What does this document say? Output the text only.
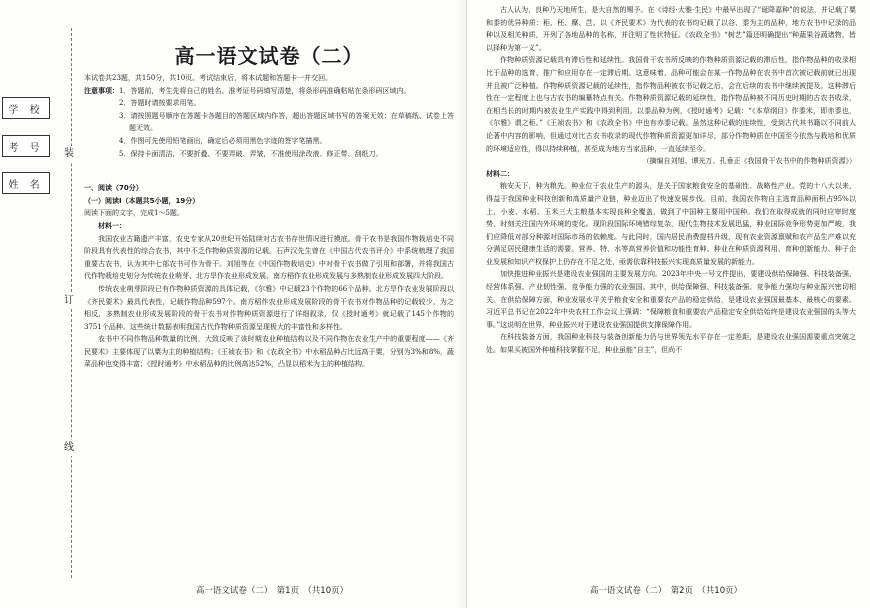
装
订
线
学 校
考 号
姓 名
高一语文试卷（二）

本试卷共23题，共150分，共10页。考试结束后，将本试题和答题卡一并交回。

注意事项： 1．答题前，考生先将自己的姓名、准考证号码填写清楚，将条形码准确粘贴在条形码区域内。

2．答题时请按要求用笔。

3．请按照题号顺序在答题卡各题目的答题区域内作答，超出答题区域书写的答案无效；在草稿纸、试卷上答题无效。

4．作图可先使用铅笔画出，确定后必须用黑色字迹的签字笔描黑。

5．保持卡面清洁，不要折叠、不要弄破、弄皱，不准使用涂改液、修正带、刮纸刀。

一、阅读（70分）

（一）阅读Ⅰ（本题共5小题，19分）

阅读下面的文字，完成1～5题。

材料一：

我国农业古籍遗产丰富，农史专家从20世纪开始陆续对古农书存世情况进行摸底。骨干农书是我国作物栽培史不同阶段具有代表性的综合农书，其中不乏作物种质资源的记载。石声汉先生曾在《中国古代农书评介》中系统梳理了我国重要古农书，认为其中七部农书可作为骨干。刘旭等在《中国作物栽培史》中对骨干农书做了引用和部署，并将我国古代作物栽培史划分为传统农业萌芽、北方旱作农业形成发展、南方稻作农业形成发展与多熟制农业形成发展四大阶段。

传统农业萌芽阶段已有作物种质资源的具体记载，《尔雅》中记载23个作物的66个品种。北方旱作农业发展阶段以《齐民要术》最具代表性，记载作物品种597个。南方稻作农业形成发展阶段的骨干农书对作物品种的记载较少，为之相反，多熟制农业形成发展阶段的骨干农书对作物种质资源进行了详细叙录，仅《授时通考》就记载了145个作物的3751个品种。这些统计数据表明我国古代作物种质资源呈现极大的丰富性和多样性。

农书中不同作物品种数量的比例，大致反映了该时期农业种植结构以及不同作物在农业生产中的重要程度——《齐民要术》主要体现了以粟为主的种植结构；《王祯农书》和《农政全书》中水稻品种占比远高于粟，分别为3%和8%，蔬菜品种也变得丰富；《授时通考》中水稻品种的比例高达52%，凸显以稻米为主的种植结构。

高一语文试卷（二）　第1页　（共10页）

古人认为，良种乃天地所生，是大自然的赐予。在《诗经·大雅·生民》中最早出现了“诞降嘉种”的说法，并记载了粟和黍的优异种质：秬、秠、穈、芑。以《齐民要术》为代表的农书均记载了以谷、黍为主的品种，地方农书中记录的品种以及相关种质，开列了各地品种的名称，并注明了性状特征。《农政全书》“树艺”篇还明确提出“种蔬果谷蔬诸物，皆以择种为第一义”。

作物种质资源记载具有滞后性和延续性。我国骨干农书所反映的作物种质资源记载的滞后性，指作物品种的收录相比于品种的选育、推广和应用存在一定滞后期。这意味着，品种可能会在某一作物品种在农书中首次被记载前就已出现并且被广泛种植。作物种质资源记载的延续性，指作物品种被农书记载之后，会在后续的农书中继续被提及。这种滞后性在一定程度上也与古农书的编纂特点有关。作物种质资源记载的延续性，指作物品种被不同历史时期的古农书收录，在相当长的时期内被农业生产实践中得到利用。以黍品种为例，《授时通考》记载：“《本草纲目》作黍米，即赤黍也，《尔雅》谓之秬。”《王祯农书》和《农政全书》中也有赤黍记载。虽然这种记载的连续性，受到古代其书籍以不同前人论著中内容的影响，但通过对比古农书收录的现代作物种质资源更加详尽，部分作物种质在中国至今依然与栽培和优质的环境适应性，得以持续种植，甚至成为地方当家品种，一直延续至今。

（摘编自刘旭、谭光万、孔垂正《我国骨干农书中的作物种质资源》）

材料二：

粮安天下，种为粮先。种业位于农业生产的源头，是关于国家粮食安全的基础性、战略性产业。党的十八大以来，得益于我国种业科技创新和高质量产业链，种业迈出了快速发展步伐。目前，我国农作物自主选育品种面积占95%以上，小麦、水稻、玉米三大主粮基本实现良种全覆盖，做到了中国种主要用中国种。我们在取得成就的同时应审时度势，时刻关注国内外环境的变化。现阶段国际环境错综复杂，现代生物技术发展迅猛，种业国际竞争形势更加严峻，我们应降低对部分种源对国际市场的依赖度。与此同时，国内居民消费提档升级，现有农业资源禀赋和农产品生产难以充分满足居民健康生活的需要。营养、特、水等高营养价值和功能性育种、种业在种质资源利用、育种创新能力、种子企业发展和知识产权保护上仍存在不足之处，亟需依靠科技振兴实现高质量发展的新能力。

加快推进种业振兴是建设农业强国的主要发展方向。2023年中央一号文件提出，要建设供给保障强、科技装备强、经营体系强、产业韧性强、竞争能力强的农业强国。其中，供给保障强、科技装备强、竞争能力强均与种业振兴密切相关。在供给保障方面，种业发展水平关乎粮食安全和重要农产品的稳定供给，是建设农业强国最基本、最核心的要素。习近平总书记在2022年中央农村工作会议上强调：“保障粮食和重要农产品稳定安全供给始终是建设农业强国的头等大事。”这说明在世界，种业振兴对于建设农业强国提供支撑保障作用。

在科技装备方面，我国种业科技与装备创新能力仍与世界领先水平存在一定差距，是建设农业强国需要重点突破之处。如果买被国外种植科技掌握不足，种业虽能“自主”，但尚不

高一语文试卷（二）　第2页　（共10页）
